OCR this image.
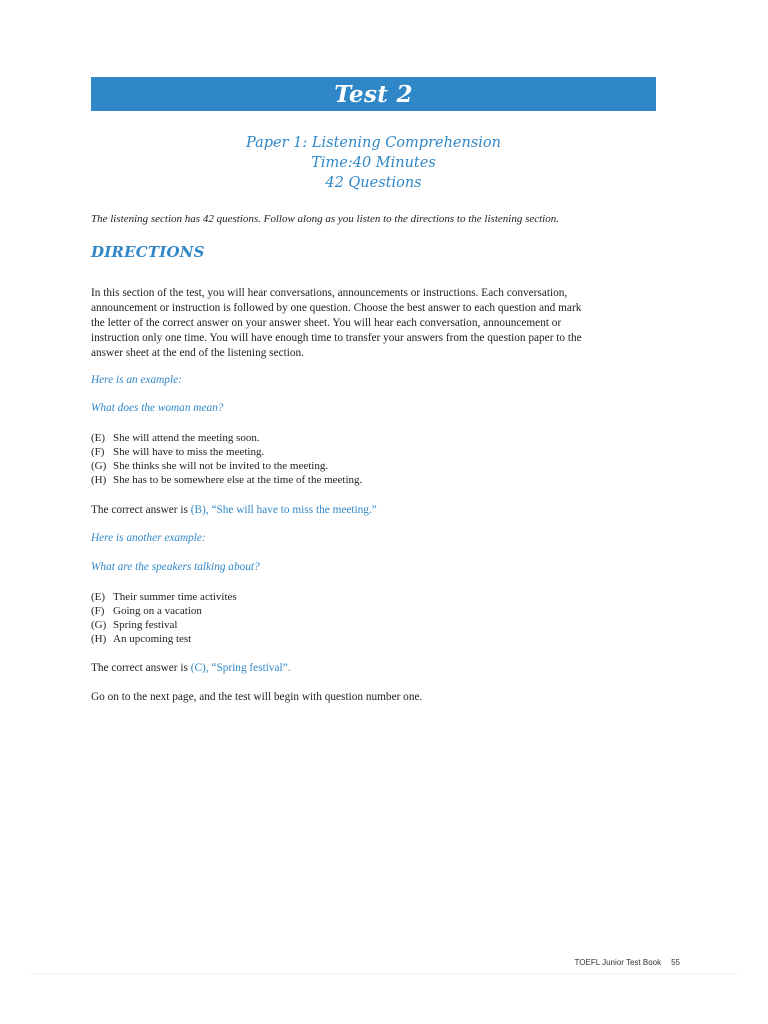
Test 2
Paper 1: Listening Comprehension
Time:40 Minutes
42 Questions
The listening section has 42 questions. Follow along as you listen to the directions to the listening section.
DIRECTIONS
In this section of the test, you will hear conversations, announcements or instructions. Each conversation,
announcement or instruction is followed by one question. Choose the best answer to each question and mark
the letter of the correct answer on your answer sheet. You will hear each conversation, announcement or
instruction only one time. You will have enough time to transfer your answers from the question paper to the
answer sheet at the end of the listening section.
Here is an example:
What does the woman mean?
(E) She will attend the meeting soon.
(F) She will have to miss the meeting.
(G) She thinks she will not be invited to the meeting.
(H) She has to be somewhere else at the time of the meeting.
The correct answer is (B), “She will have to miss the meeting.”
Here is another example:
What are the speakers talking about?
(E) Their summer time activites
(F) Going on a vacation
(G) Spring festival
(H) An upcoming test
The correct answer is (C), “Spring festival”.
Go on to the next page, and the test will begin with question number one.
TOEFL Junior Test Book 55
